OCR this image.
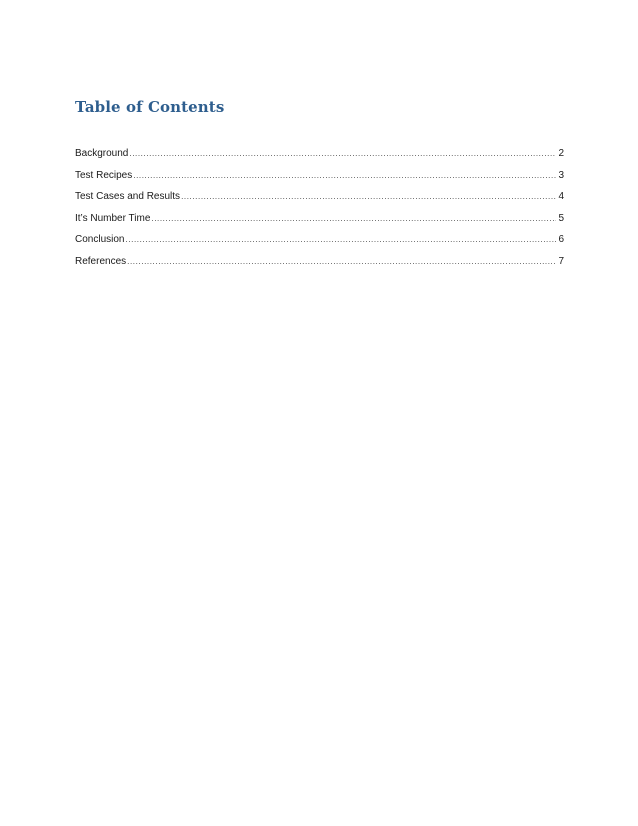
Table of Contents
Background .....	2
Test Recipes .....	3
Test Cases and Results .....	4
It’s Number Time .....	5
Conclusion .....	6
References .....	7
